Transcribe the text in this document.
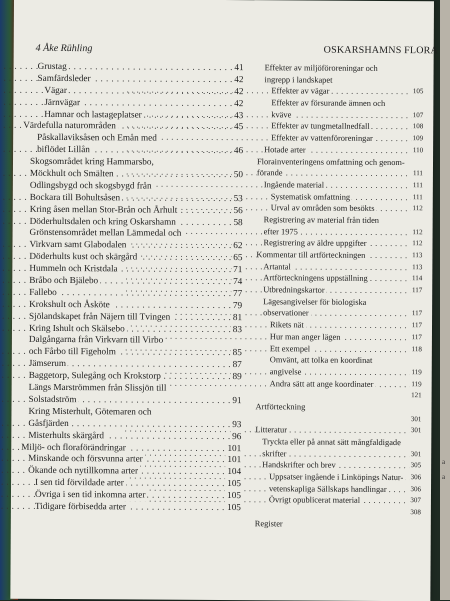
a
a
4 Åke Rühling	OSKARSHAMNS FLORA
. . . Grustag	41
. . . Samfärdsleder	42
. . . Vägar	42
. . . Järnvägar	42
. . . Hamnar och lastageplatser	43
. . . Värdefulla naturområden	45
Påskallaviksåsen och Emån med
. . . biflödet Lillån	46
Skogsområdet kring Hammarsbo,
. . . Möckhult och Smälten	50
Odlingsbygd och skogsbygd från
. . . Bockara till Bohultsåsen	53
. . . Kring åsen mellan Stor-Brån och Århult	56
. . . Döderhultsdalen och kring Oskarshamn	58
Grönstensområdet mellan Lämmedal och
. . . Virkvarn samt Glabodalen	62
. . . Döderhults kust och skärgård	65
. . . Hummeln och Kristdala	71
. . . Bråbo och Bjälebo	74
. . . Fallebo	77
. . . Krokshult och Åsköte	79
. . . Sjölandskapet från Näjern till Tvingen	81
. . . Kring Ishult och Skälsebo	83
Dalgångarna från Virkvarn till Virbo
. . . och Fårbo till Figeholm	85
. . . Jämserum	87
. . . Baggetorp, Sulegång och Krokstorp	89
Längs Marströmmen från Slissjön till
. . . Solstadström	91
Kring Misterhult, Götemaren och
. . . Gåsfjärden	93
. . . Misterhults skärgård	96
. . . Miljö- och florаförändringar	101
. . . Minskande och försvunna arter	101
. . . Ökande och nytillkomna arter	104
. . . I sen tid förvildade arter	105
. . . Övriga i sen tid inkomna arter	105
. . . Tidigare förbisedda arter	105
Effekter av miljöföroreningar och
ingrepp i landskapet
. . . Effekter av vägar	105
Effekter av försurande ämnen och
. . . kväve	107
. . . Effekter av tungmetallnedfall	108
. . . Effekter av vattenföroreningar	109
. . . Hotade arter	110
Florainventeringens omfattning och genom-
. . . förande	111
. . . Ingående material	111
. . . Systematisk omfattning	111
. . . Urval av områden som besökts	112
Registrering av material från tiden
. . . efter 1975	112
. . . Registrering av äldre uppgifter	112
. . . Kommentar till artförteckningen	113
. . . Artantal	113
. . . Artförteckningens uppställning	114
. . . Utbredningskartor	117
Lägesangivelser för biologiska
. . . observationer	117
. . . Rikets nät	117
. . . Hur man anger lägen	117
. . . Ett exempel	118
Omvänt, att tolka en koordinat
. . . angivelse	119
. . . Andra sätt att ange koordinater	119
121
Artförteckning
301
. . . Litteratur	301
Tryckta eller på annat sätt mångfaldigade
. . . skrifter	301
. . . Handskrifter och brev	305
. . . Uppsatser ingående i Linköpings Natur- 306
. . . vetenskapliga Sällskaps handlingar	306
. . . Övrigt opublicerat material	307
308
Register
